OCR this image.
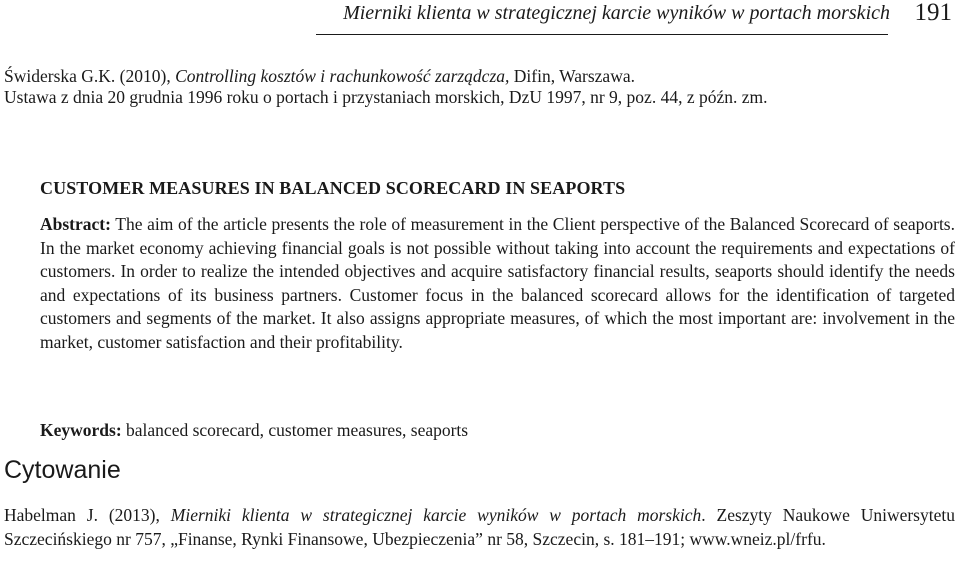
Mierniki klienta w strategicznej karcie wyników w portach morskich 191

Świderska G.K. (2010), Controlling kosztów i rachunkowość zarządcza, Difin, Warszawa.

Ustawa z dnia 20 grudnia 1996 roku o portach i przystaniach morskich, DzU 1997, nr 9, poz. 44, z późn. zm.

CUSTOMER MEASURES IN BALANCED SCORECARD IN SEAPORTS

Abstract: The aim of the article presents the role of measurement in the Client perspective of the Balanced Scorecard of seaports. In the market economy achieving financial goals is not possible without taking into account the requirements and expectations of customers. In order to realize the intended objectives and acquire satisfactory financial results, seaports should identify the needs and expectations of its business partners. Customer focus in the balanced scorecard allows for the identification of targeted customers and segments of the market. It also assigns appropriate measures, of which the most important are: involvement in the market, customer satisfaction and their profitability.

Keywords: balanced scorecard, customer measures, seaports

Cytowanie

Habelman J. (2013), Mierniki klienta w strategicznej karcie wyników w portach morskich. Zeszyty Naukowe Uniwersytetu Szczecińskiego nr 757, „Finanse, Rynki Finansowe, Ubezpieczenia” nr 58, Szczecin, s. 181–191; www.wneiz.pl/frfu.
